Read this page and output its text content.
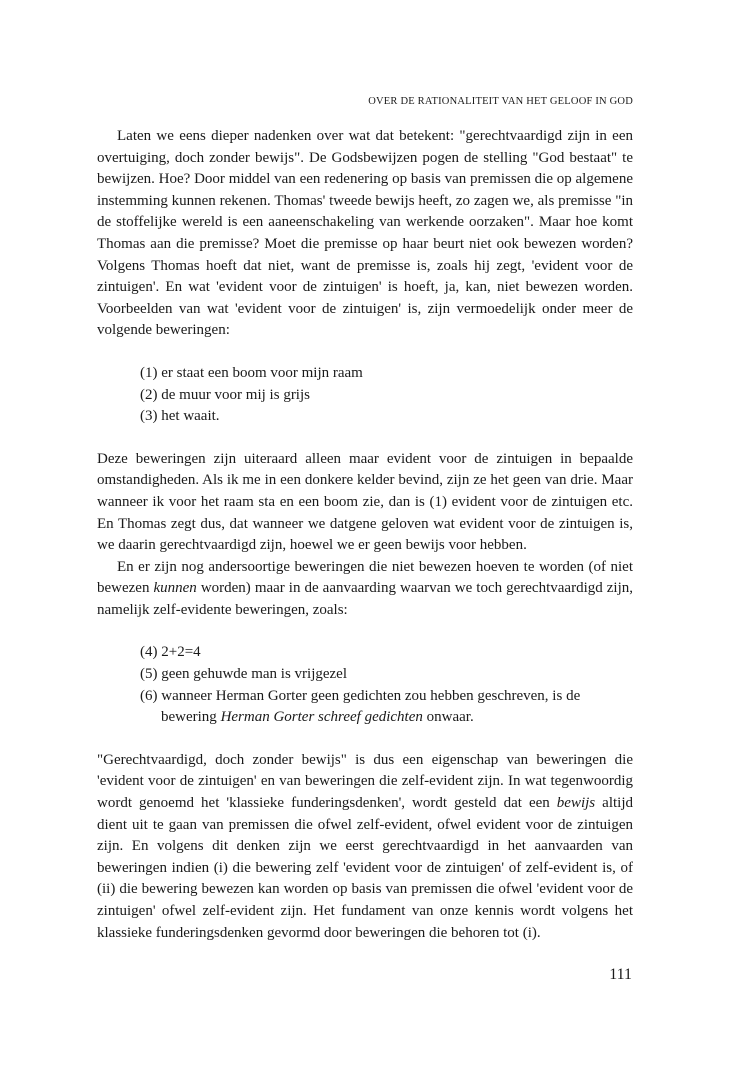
OVER DE RATIONALITEIT VAN HET GELOOF IN GOD

Laten we eens dieper nadenken over wat dat betekent: "gerechtvaardigd zijn in een overtuiging, doch zonder bewijs". De Godsbewijzen pogen de stelling "God bestaat" te bewijzen. Hoe? Door middel van een redenering op basis van premissen die op algemene instemming kunnen rekenen. Thomas' tweede bewijs heeft, zo zagen we, als premisse "in de stoffelijke wereld is een aaneenschakeling van werkende oorzaken". Maar hoe komt Thomas aan die premisse? Moet die premisse op haar beurt niet ook bewezen worden? Volgens Thomas hoeft dat niet, want de premisse is, zoals hij zegt, 'evident voor de zintuigen'. En wat 'evident voor de zintuigen' is hoeft, ja, kan, niet bewezen worden. Voorbeelden van wat 'evident voor de zintuigen' is, zijn vermoedelijk onder meer de volgende beweringen:

(1) er staat een boom voor mijn raam
(2) de muur voor mij is grijs
(3) het waait.

Deze beweringen zijn uiteraard alleen maar evident voor de zintuigen in bepaalde omstandigheden. Als ik me in een donkere kelder bevind, zijn ze het geen van drie. Maar wanneer ik voor het raam sta en een boom zie, dan is (1) evident voor de zintuigen etc. En Thomas zegt dus, dat wanneer we datgene geloven wat evident voor de zintuigen is, we daarin gerechtvaardigd zijn, hoewel we er geen bewijs voor hebben.

En er zijn nog andersoortige beweringen die niet bewezen hoeven te worden (of niet bewezen kunnen worden) maar in de aanvaarding waarvan we toch gerechtvaardigd zijn, namelijk zelf-evidente beweringen, zoals:

(4) 2+2=4
(5) geen gehuwde man is vrijgezel
(6) wanneer Herman Gorter geen gedichten zou hebben geschreven, is de bewering Herman Gorter schreef gedichten onwaar.

"Gerechtvaardigd, doch zonder bewijs" is dus een eigenschap van beweringen die 'evident voor de zintuigen' en van beweringen die zelf-evident zijn. In wat tegenwoordig wordt genoemd het 'klassieke funderingsdenken', wordt gesteld dat een bewijs altijd dient uit te gaan van premissen die ofwel zelf-evident, ofwel evident voor de zintuigen zijn. En volgens dit denken zijn we eerst gerechtvaardigd in het aanvaarden van beweringen indien (i) die bewering zelf 'evident voor de zintuigen' of zelf-evident is, of (ii) die bewering bewezen kan worden op basis van premissen die ofwel 'evident voor de zintuigen' ofwel zelf-evident zijn. Het fundament van onze kennis wordt volgens het klassieke funderingsdenken gevormd door beweringen die behoren tot (i).

111
